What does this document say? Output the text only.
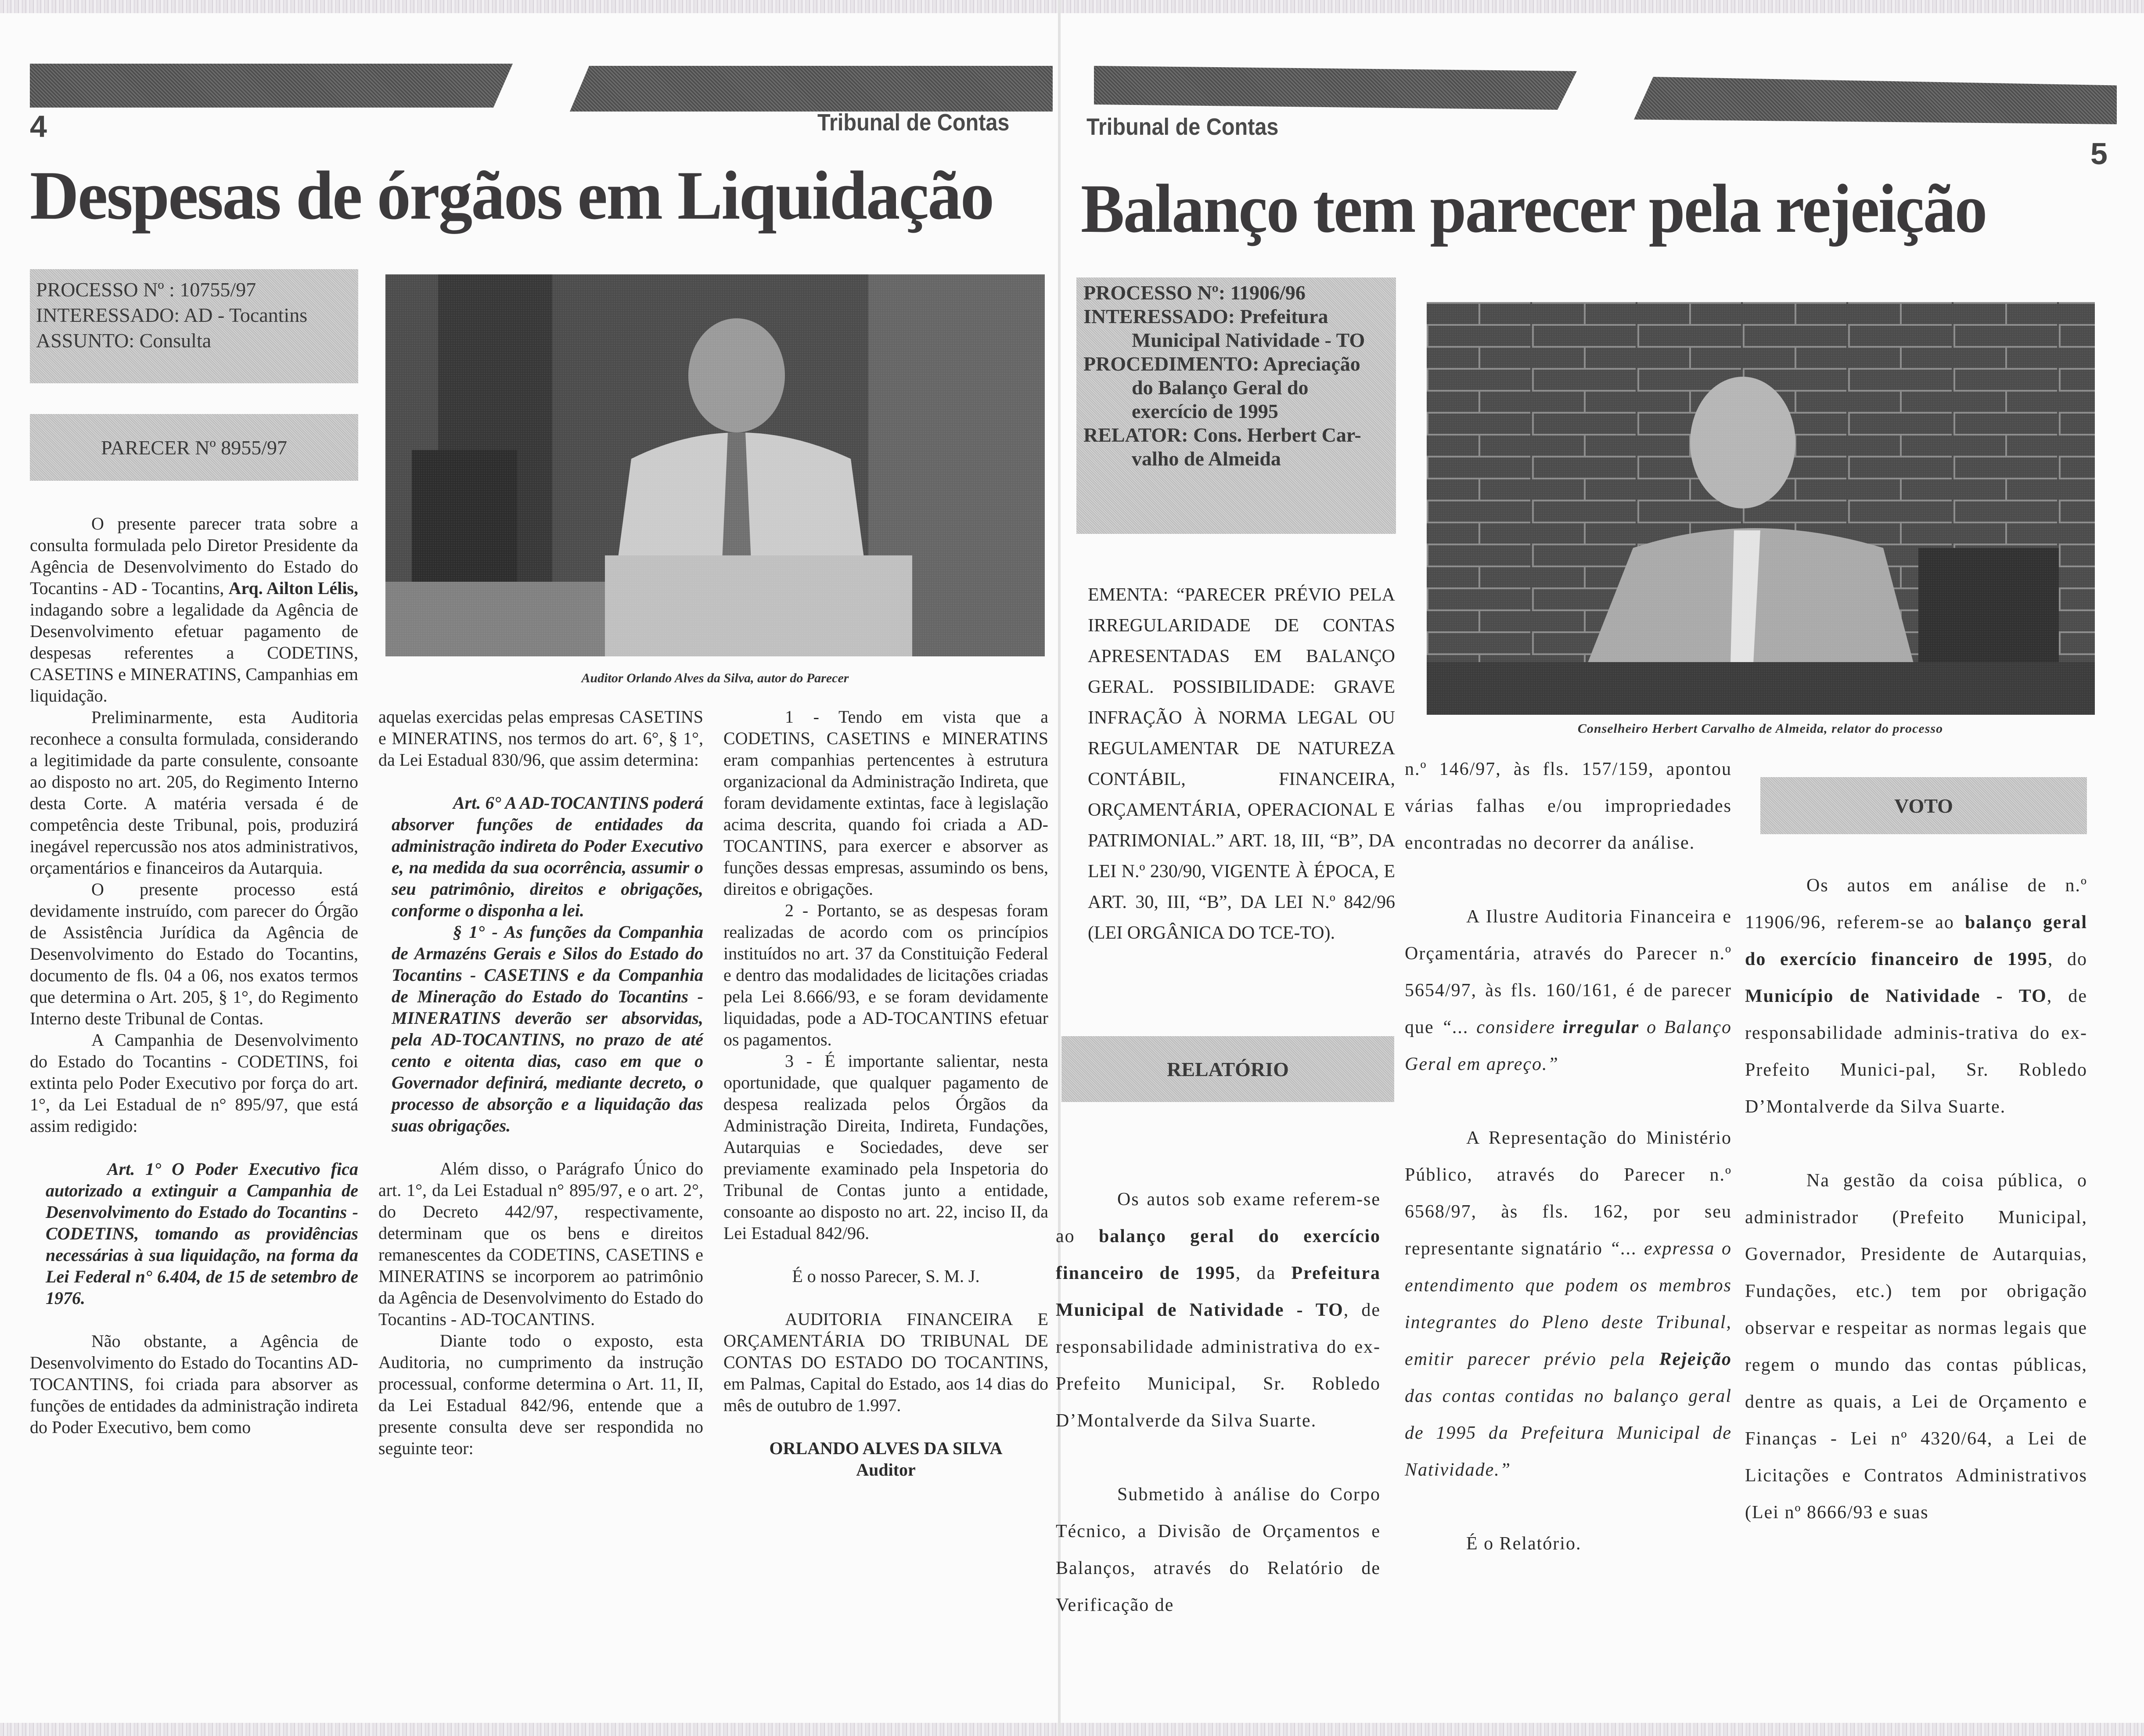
4	Tribunal de Contas
Despesas de órgãos em Liquidação
PROCESSO Nº : 10755/97
INTERESSADO: AD - Tocantins
ASSUNTO: Consulta
PARECER Nº 8955/97
Auditor Orlando Alves da Silva, autor do Parecer

O presente parecer trata sobre a consulta formulada pelo Diretor Presidente da Agência de Desenvolvimento do Estado do Tocantins - AD - Tocantins, Arq. Ailton Lélis, indagando sobre a legalidade da Agência de Desenvolvimento efetuar pagamento de despesas referentes a CODETINS, CASETINS e MINERATINS, Campanhias em liquidação.

Preliminarmente, esta Auditoria reconhece a consulta formulada, considerando a legitimidade da parte consulente, consoante ao disposto no art. 205, do Regimento Interno desta Corte. A matéria versada é de competência deste Tribunal, pois, produzirá inegável repercussão nos atos administrativos, orçamentários e financeiros da Autarquia.

O presente processo está devidamente instruído, com parecer do Órgão de Assistência Jurídica da Agência de Desenvolvimento do Estado do Tocantins, documento de fls. 04 a 06, nos exatos termos que determina o Art. 205, § 1°, do Regimento Interno deste Tribunal de Contas.

A Campanhia de Desenvolvimento do Estado do Tocantins - CODETINS, foi extinta pelo Poder Executivo por força do art. 1°, da Lei Estadual de n° 895/97, que está assim redigido:

Art. 1° O Poder Executivo fica autorizado a extinguir a Campanhia de Desenvolvimento do Estado do Tocantins - CODETINS, tomando as providências necessárias à sua liquidação, na forma da Lei Federal n° 6.404, de 15 de setembro de 1976.

Não obstante, a Agência de Desenvolvimento do Estado do Tocantins AD-TOCANTINS, foi criada para absorver as funções de entidades da administração indireta do Poder Executivo, bem como

aquelas exercidas pelas empresas CASETINS e MINERATINS, nos termos do art. 6°, § 1°, da Lei Estadual 830/96, que assim determina:

Art. 6° A AD-TOCANTINS poderá absorver funções de entidades da administração indireta do Poder Executivo e, na medida da sua ocorrência, assumir o seu patrimônio, direitos e obrigações, conforme o disponha a lei.

§ 1° - As funções da Companhia de Armazéns Gerais e Silos do Estado do Tocantins - CASETINS e da Companhia de Mineração do Estado do Tocantins - MINERATINS deverão ser absorvidas, pela AD-TOCANTINS, no prazo de até cento e oitenta dias, caso em que o Governador definirá, mediante decreto, o processo de absorção e a liquidação das suas obrigações.

Além disso, o Parágrafo Único do art. 1°, da Lei Estadual n° 895/97, e o art. 2°, do Decreto 442/97, respectivamente, determinam que os bens e direitos remanescentes da CODETINS, CASETINS e MINERATINS se incorporem ao patrimônio da Agência de Desenvolvimento do Estado do Tocantins - AD-TOCANTINS.

Diante todo o exposto, esta Auditoria, no cumprimento da instrução processual, conforme determina o Art. 11, II, da Lei Estadual 842/96, entende que a presente consulta deve ser respondida no seguinte teor:

1 - Tendo em vista que a CODETINS, CASETINS e MINERATINS eram companhias pertencentes à estrutura organizacional da Administração Indireta, que foram devidamente extintas, face à legislação acima descrita, quando foi criada a AD-TOCANTINS, para exercer e absorver as funções dessas empresas, assumindo os bens, direitos e obrigações.

2 - Portanto, se as despesas foram realizadas de acordo com os princípios instituídos no art. 37 da Constituição Federal e dentro das modalidades de licitações criadas pela Lei 8.666/93, e se foram devidamente liquidadas, pode a AD-TOCANTINS efetuar os pagamentos.

3 - É importante salientar, nesta oportunidade, que qualquer pagamento de despesa realizada pelos Órgãos da Administração Direita, Indireta, Fundações, Autarquias e Sociedades, deve ser previamente examinado pela Inspetoria do Tribunal de Contas junto a entidade, consoante ao disposto no art. 22, inciso II, da Lei Estadual 842/96.

É o nosso Parecer, S. M. J.

AUDITORIA FINANCEIRA E ORÇAMENTÁRIA DO TRIBUNAL DE CONTAS DO ESTADO DO TOCANTINS, em Palmas, Capital do Estado, aos 14 dias do mês de outubro de 1.997.

ORLANDO ALVES DA SILVA

Auditor

Tribunal de Contas
5
Balanço tem parecer pela rejeição
PROCESSO Nº: 11906/96
INTERESSADO: Prefeitura
Municipal Natividade - TO
PROCEDIMENTO: Apreciação
do Balanço Geral do
exercício de 1995
RELATOR: Cons. Herbert Car-
valho de Almeida
EMENTA: “PARECER PRÉVIO PELA IRREGULARIDADE DE CONTAS APRESENTADAS EM BALANÇO GERAL. POSSIBILIDADE: GRAVE INFRAÇÃO À NORMA LEGAL OU REGULAMENTAR DE NATUREZA CONTÁBIL, FINANCEIRA, ORÇAMENTÁRIA, OPERACIONAL E PATRIMONIAL.” ART. 18, III, “B”, DA LEI N.º 230/90, VIGENTE À ÉPOCA, E ART. 30, III, “B”, DA LEI N.º 842/96 (LEI ORGÂNICA DO TCE-TO).
RELATÓRIO
Conselheiro Herbert Carvalho de Almeida, relator do processo

Os autos sob exame referem-se ao balanço geral do exercício financeiro de 1995, da Prefeitura Municipal de Natividade - TO, de responsabilidade administrativa do ex-Prefeito Municipal, Sr. Robledo D’Montalverde da Silva Suarte.

Submetido à análise do Corpo Técnico, a Divisão de Orçamentos e Balanços, através do Relatório de Verificação de

n.º 146/97, às fls. 157/159, apontou várias falhas e/ou impropriedades encontradas no decorrer da análise.

A Ilustre Auditoria Financeira e Orçamentária, através do Parecer n.º 5654/97, às fls. 160/161, é de parecer que “... considere irregular o Balanço Geral em apreço.”

A Representação do Ministério Público, através do Parecer n.º 6568/97, às fls. 162, por seu representante signatário “... expressa o entendimento que podem os membros integrantes do Pleno deste Tribunal, emitir parecer prévio pela Rejeição das contas contidas no balanço geral de 1995 da Prefeitura Municipal de Natividade.”

É o Relatório.

VOTO

Os autos em análise de n.º 11906/96, referem-se ao balanço geral do exercício financeiro de 1995, do Município de Natividade - TO, de responsabilidade adminis-trativa do ex-Prefeito Munici-pal, Sr. Robledo D’Montalverde da Silva Suarte.

Na gestão da coisa pública, o administrador (Prefeito Municipal, Governador, Presidente de Autarquias, Fundações, etc.) tem por obrigação observar e respeitar as normas legais que regem o mundo das contas públicas, dentre as quais, a Lei de Orçamento e Finanças - Lei nº 4320/64, a Lei de Licitações e Contratos Administrativos (Lei nº 8666/93 e suas
